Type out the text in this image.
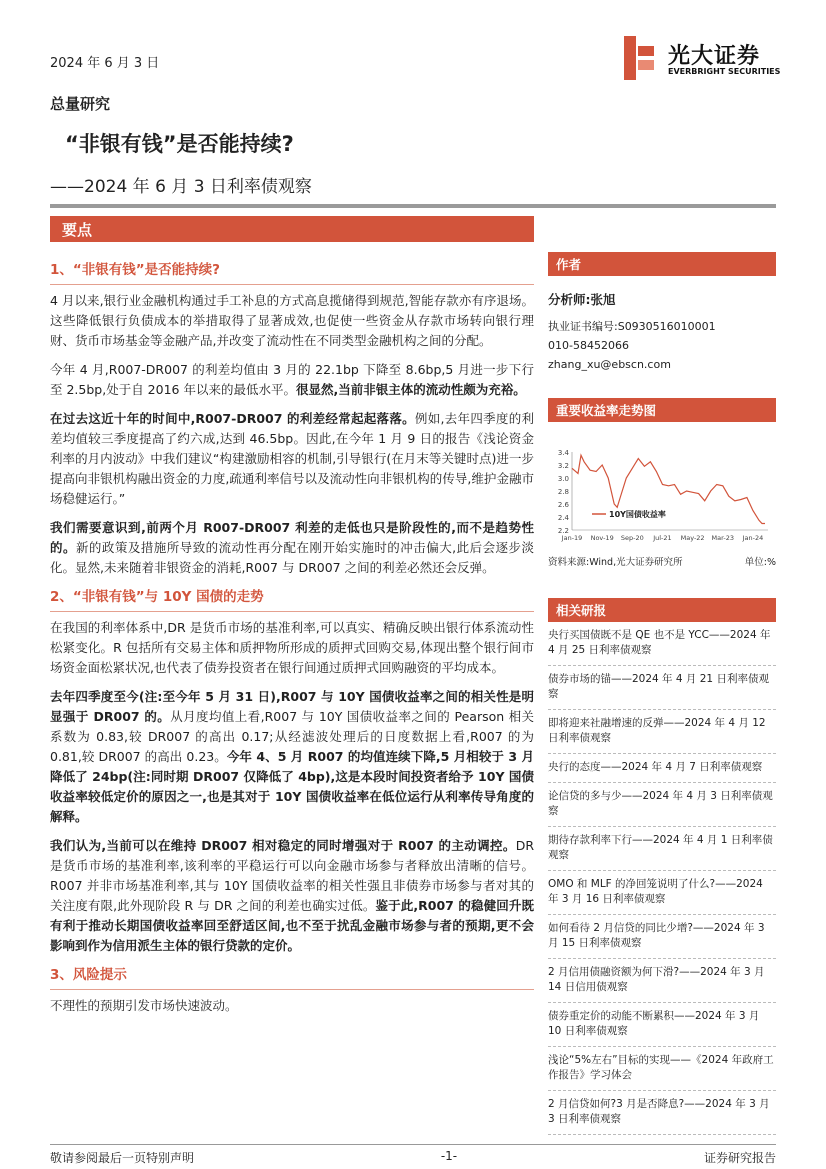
2024 年 6 月 3 日	光大证券
EVERBRIGHT SECURITIES
总量研究
“非银有钱”是否能持续?
——2024 年 6 月 3 日利率债观察
要点
1、“非银有钱”是否能持续?
4 月以来,银行业金融机构通过手工补息的方式高息揽储得到规范,智能存款亦有序退场。这些降低银行负债成本的举措取得了显著成效,也促使一些资金从存款市场转向银行理财、货币市场基金等金融产品,并改变了流动性在不同类型金融机构之间的分配。
今年 4 月,R007-DR007 的利差均值由 3 月的 22.1bp 下降至 8.6bp,5 月进一步下行至 2.5bp,处于自 2016 年以来的最低水平。很显然,当前非银主体的流动性颇为充裕。
在过去这近十年的时间中,R007-DR007 的利差经常起起落落。例如,去年四季度的利差均值较三季度提高了约六成,达到 46.5bp。因此,在今年 1 月 9 日的报告《浅论资金利率的月内波动》中我们建议“构建激励相容的机制,引导银行(在月末等关键时点)进一步提高向非银机构融出资金的力度,疏通利率信号以及流动性向非银机构的传导,维护金融市场稳健运行。”
我们需要意识到,前两个月 R007-DR007 利差的走低也只是阶段性的,而不是趋势性的。新的政策及措施所导致的流动性再分配在刚开始实施时的冲击偏大,此后会逐步淡化。显然,未来随着非银资金的消耗,R007 与 DR007 之间的利差必然还会反弹。
2、“非银有钱”与 10Y 国债的走势
在我国的利率体系中,DR 是货币市场的基准利率,可以真实、精确反映出银行体系流动性松紧变化。R 包括所有交易主体和质押物所形成的质押式回购交易,体现出整个银行间市场资金面松紧状况,也代表了债券投资者在银行间通过质押式回购融资的平均成本。
去年四季度至今(注:至今年 5 月 31 日),R007 与 10Y 国债收益率之间的相关性是明显强于 DR007 的。从月度均值上看,R007 与 10Y 国债收益率之间的 Pearson 相关系数为 0.83,较 DR007 的高出 0.17;从经滤波处理后的日度数据上看,R007 的为 0.81,较 DR007 的高出 0.23。今年 4、5 月 R007 的均值连续下降,5 月相较于 3 月降低了 24bp(注:同时期 DR007 仅降低了 4bp),这是本段时间投资者给予 10Y 国债收益率较低定价的原因之一,也是其对于 10Y 国债收益率在低位运行从利率传导角度的解释。
我们认为,当前可以在维持 DR007 相对稳定的同时增强对于 R007 的主动调控。DR 是货币市场的基准利率,该利率的平稳运行可以向金融市场参与者释放出清晰的信号。R007 并非市场基准利率,其与 10Y 国债收益率的相关性强且非债券市场参与者对其的关注度有限,此外现阶段 R 与 DR 之间的利差也确实过低。鉴于此,R007 的稳健回升既有利于推动长期国债收益率回至舒适区间,也不至于扰乱金融市场参与者的预期,更不会影响到作为信用派生主体的银行贷款的定价。
3、风险提示
不理性的预期引发市场快速波动。
作者
分析师:张旭
执业证书编号:S0930516010001
010-58452066
zhang_xu@ebscn.com
重要收益率走势图
2.2
2.4
2.6
2.8
3.0
3.2
3.4
Jan-19 Nov-19 Sep-20 Jul-21 May-22 Mar-23 Jan-24
10Y国债收益率
资料来源:Wind,光大证券研究所	单位:%
相关研报
央行买国债既不是 QE 也不是 YCC——2024 年 4 月 25 日利率债观察
债券市场的锚——2024 年 4 月 21 日利率债观察
即将迎来社融增速的反弹——2024 年 4 月 12 日利率债观察
央行的态度——2024 年 4 月 7 日利率债观察
论信贷的多与少——2024 年 4 月 3 日利率债观察
期待存款利率下行——2024 年 4 月 1 日利率债观察
OMO 和 MLF 的净回笼说明了什么?——2024 年 3 月 16 日利率债观察
如何看待 2 月信贷的同比少增?——2024 年 3 月 15 日利率债观察
2 月信用债融资额为何下滑?——2024 年 3 月 14 日信用债观察
债券重定价的动能不断累积——2024 年 3 月 10 日利率债观察
浅论“5%左右”目标的实现——《2024 年政府工作报告》学习体会
2 月信贷如何?3 月是否降息?——2024 年 3 月 3 日利率债观察
敬请参阅最后一页特别声明	-1-	证券研究报告
